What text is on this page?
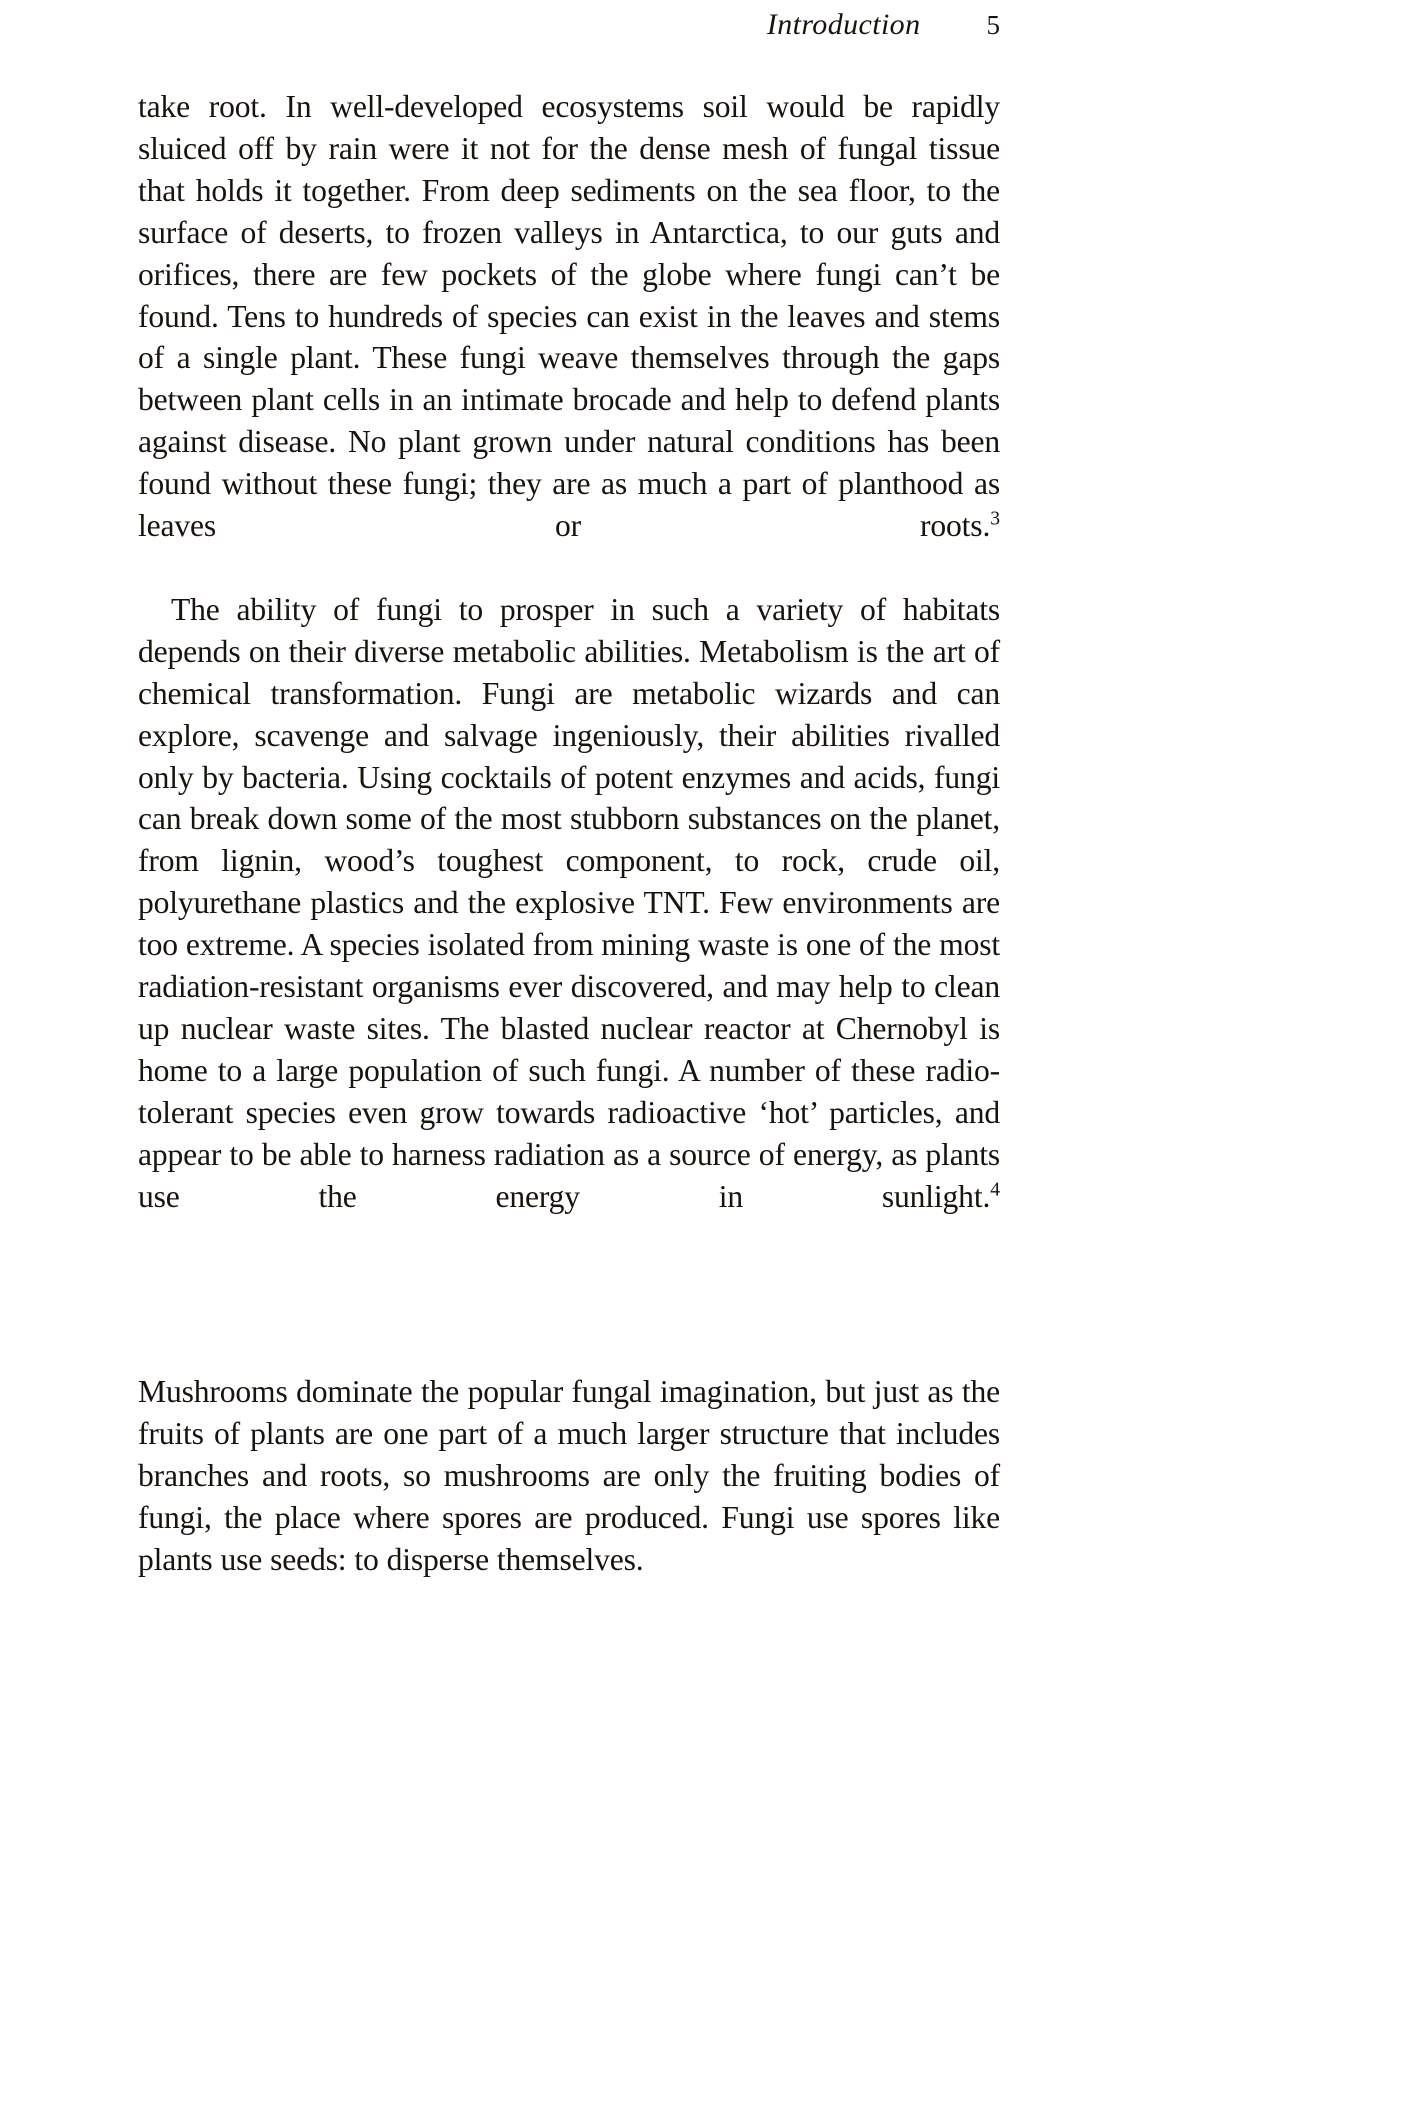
Introduction 5

take root. In well-developed ecosystems soil would be rapidly sluiced off by rain were it not for the dense mesh of fungal tissue that holds it together. From deep sediments on the sea floor, to the surface of deserts, to frozen valleys in Antarctica, to our guts and orifices, there are few pockets of the globe where fungi can’t be found. Tens to hundreds of species can exist in the leaves and stems of a single plant. These fungi weave themselves through the gaps between plant cells in an intimate brocade and help to defend plants against disease. No plant grown under natural conditions has been found without these fungi; they are as much a part of planthood as leaves or roots.$^3$

The ability of fungi to prosper in such a variety of habitats depends on their diverse metabolic abilities. Metabolism is the art of chemical transformation. Fungi are metabolic wizards and can explore, scavenge and salvage ingeniously, their abilities rivalled only by bacteria. Using cocktails of potent enzymes and acids, fungi can break down some of the most stubborn substances on the planet, from lignin, wood’s toughest component, to rock, crude oil, polyurethane plastics and the explosive TNT. Few environments are too extreme. A species isolated from mining waste is one of the most radiation-resistant organisms ever discovered, and may help to clean up nuclear waste sites. The blasted nuclear reactor at Chernobyl is home to a large population of such fungi. A number of these radio-tolerant species even grow towards radioactive ‘hot’ particles, and appear to be able to harness radiation as a source of energy, as plants use the energy in sunlight.$^4$

Mushrooms dominate the popular fungal imagination, but just as the fruits of plants are one part of a much larger structure that includes branches and roots, so mushrooms are only the fruiting bodies of fungi, the place where spores are produced. Fungi use spores like plants use seeds: to disperse themselves.
